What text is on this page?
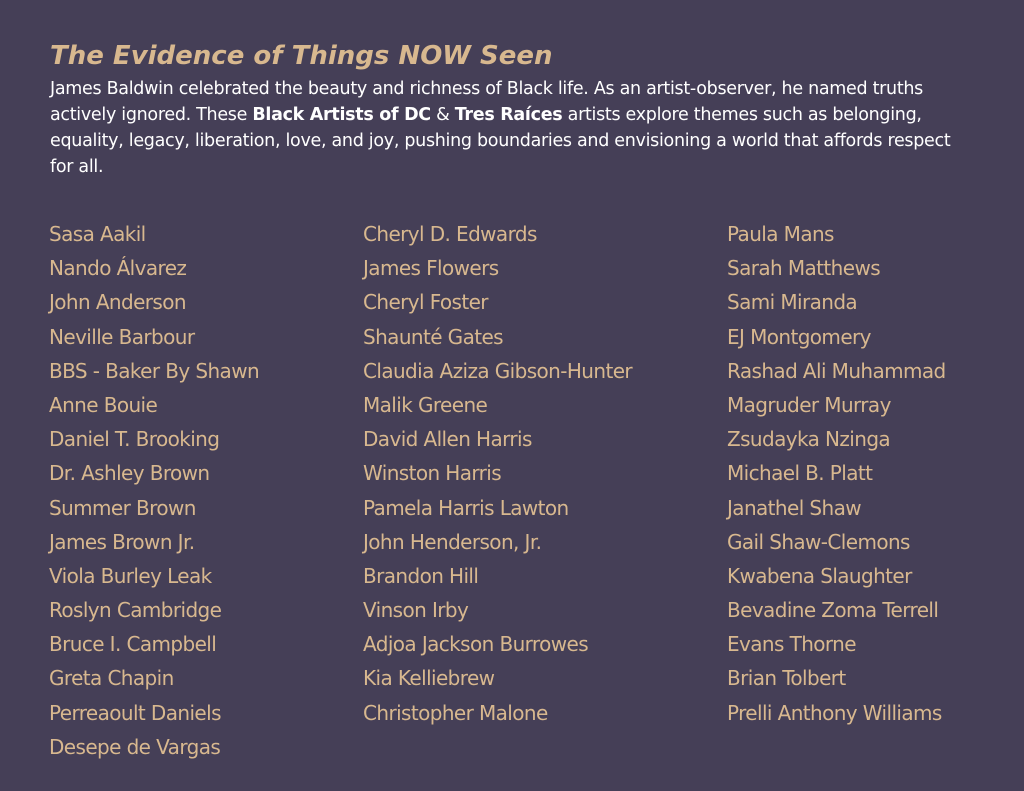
The Evidence of Things NOW Seen

James Baldwin celebrated the beauty and richness of Black life. As an artist-observer, he named truths actively ignored. These Black Artists of DC & Tres Raíces artists explore themes such as belonging, equality, legacy, liberation, love, and joy, pushing boundaries and envisioning a world that affords respect for all.

Sasa Aakil
Nando Álvarez
John Anderson
Neville Barbour
BBS - Baker By Shawn
Anne Bouie
Daniel T. Brooking
Dr. Ashley Brown
Summer Brown
James Brown Jr.
Viola Burley Leak
Roslyn Cambridge
Bruce I. Campbell
Greta Chapin
Perreaoult Daniels
Desepe de Vargas
Cheryl D. Edwards
James Flowers
Cheryl Foster
Shaunté Gates
Claudia Aziza Gibson-Hunter
Malik Greene
David Allen Harris
Winston Harris
Pamela Harris Lawton
John Henderson, Jr.
Brandon Hill
Vinson Irby
Adjoa Jackson Burrowes
Kia Kelliebrew
Christopher Malone
Paula Mans
Sarah Matthews
Sami Miranda
EJ Montgomery
Rashad Ali Muhammad
Magruder Murray
Zsudayka Nzinga
Michael B. Platt
Janathel Shaw
Gail Shaw-Clemons
Kwabena Slaughter
Bevadine Zoma Terrell
Evans Thorne
Brian Tolbert
Prelli Anthony Williams
